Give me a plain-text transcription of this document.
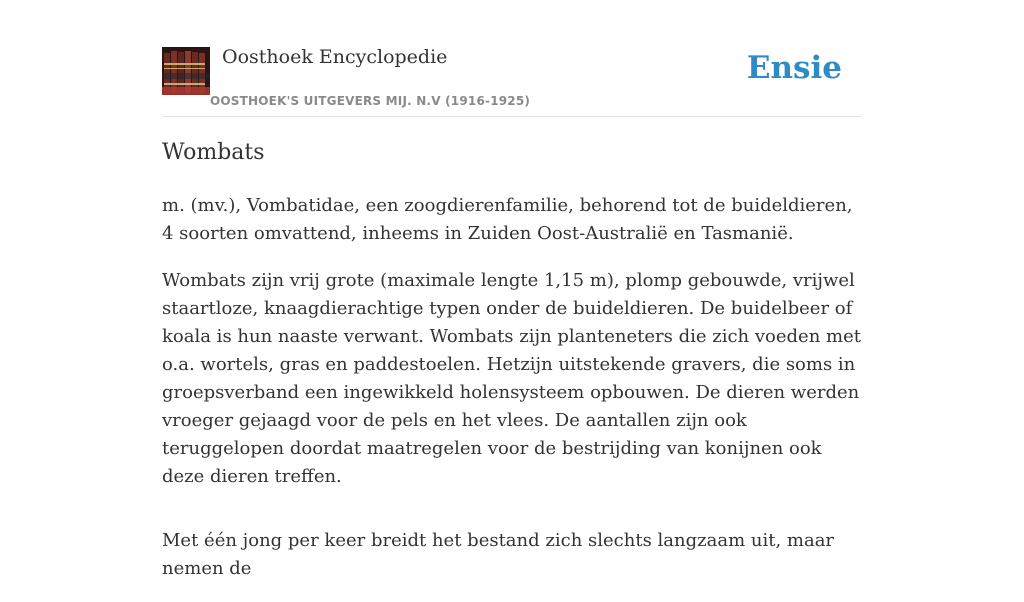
Oosthoek Encyclopedie
OOSTHOEK'S UITGEVERS MIJ. N.V (1916-1925)
Ensie
Wombats

m. (mv.), Vombatidae, een zoogdierenfamilie, behorend tot de buideldieren, 4 soorten omvattend, inheems in Zuiden Oost-Australië en Tasmanië.

Wombats zijn vrij grote (maximale lengte 1,15 m), plomp gebouwde, vrijwel staartloze, knaagdierachtige typen onder de buideldieren. De buidelbeer of koala is hun naaste verwant. Wombats zijn planteneters die zich voeden met o.a. wortels, gras en paddestoelen. Hetzijn uitstekende gravers, die soms in groepsverband een ingewikkeld holensysteem opbouwen. De dieren werden vroeger gejaagd voor de pels en het vlees. De aantallen zijn ook teruggelopen doordat maatregelen voor de bestrijding van konijnen ook deze dieren treffen.

Met één jong per keer breidt het bestand zich slechts langzaam uit, maar nemen de
